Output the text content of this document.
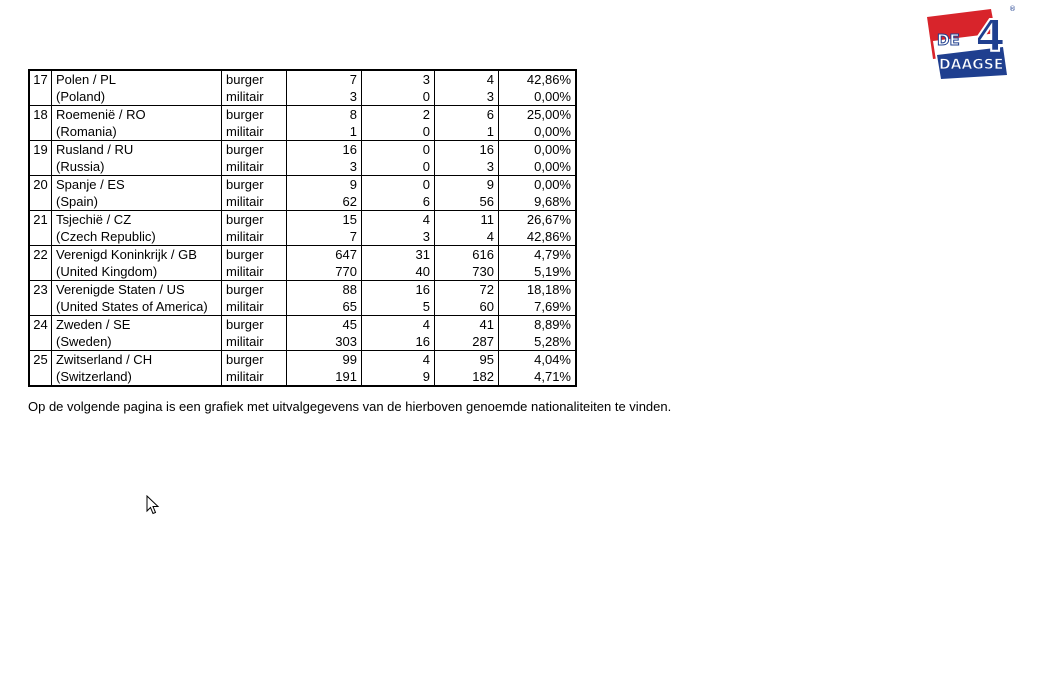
DE 4
DAAGSE
®
17	Polen / PL	burger	7	3	4	42,86%
	(Poland)	militair	3	0	3	0,00%
18	Roemenië / RO	burger	8	2	6	25,00%
	(Romania)	militair	1	0	1	0,00%
19	Rusland / RU	burger	16	0	16	0,00%
	(Russia)	militair	3	0	3	0,00%
20	Spanje / ES	burger	9	0	9	0,00%
	(Spain)	militair	62	6	56	9,68%
21	Tsjechië / CZ	burger	15	4	11	26,67%
	(Czech Republic)	militair	7	3	4	42,86%
22	Verenigd Koninkrijk / GB	burger	647	31	616	4,79%
	(United Kingdom)	militair	770	40	730	5,19%
23	Verenigde Staten / US	burger	88	16	72	18,18%
	(United States of America)	militair	65	5	60	7,69%
24	Zweden / SE	burger	45	4	41	8,89%
	(Sweden)	militair	303	16	287	5,28%
25	Zwitserland / CH	burger	99	4	95	4,04%
	(Switzerland)	militair	191	9	182	4,71%
Op de volgende pagina is een grafiek met uitvalgegevens van de hierboven genoemde nationaliteiten te vinden.
